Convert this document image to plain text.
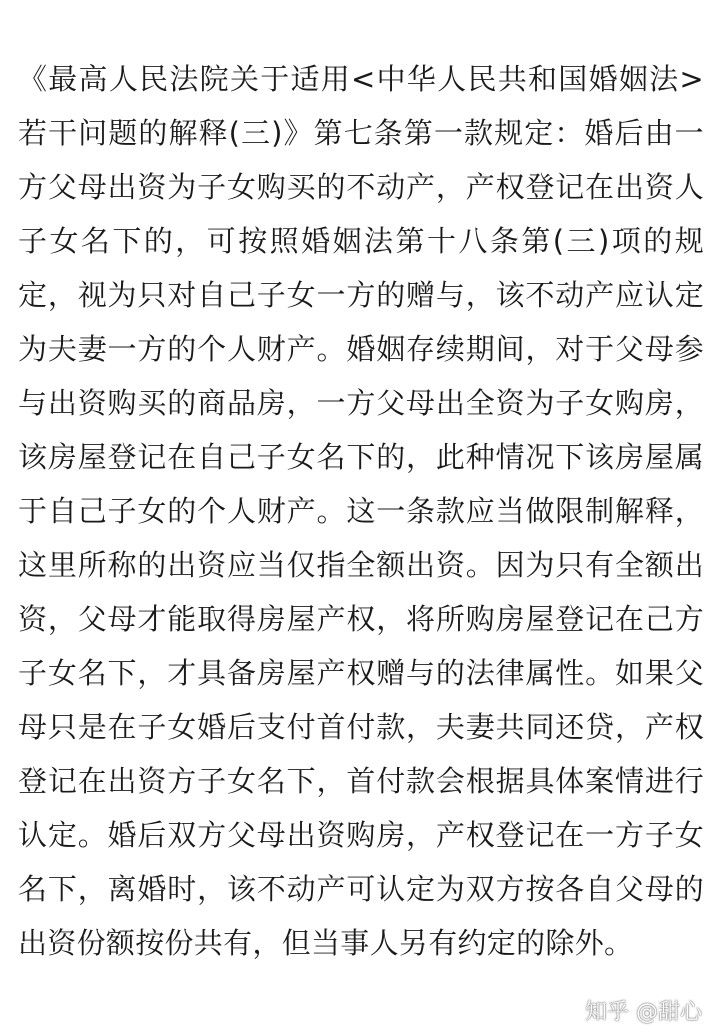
《最高人民法院关于适用<中华人民共和国婚姻法>若干问题的解释(三)》第七条第一款规定：婚后由一方父母出资为子女购买的不动产，产权登记在出资人子女名下的，可按照婚姻法第十八条第(三)项的规定，视为只对自己子女一方的赠与，该不动产应认定为夫妻一方的个人财产。婚姻存续期间，对于父母参与出资购买的商品房，一方父母出全资为子女购房，该房屋登记在自己子女名下的，此种情况下该房屋属于自己子女的个人财产。这一条款应当做限制解释，这里所称的出资应当仅指全额出资。因为只有全额出资，父母才能取得房屋产权，将所购房屋登记在己方子女名下，才具备房屋产权赠与的法律属性。如果父母只是在子女婚后支付首付款，夫妻共同还贷，产权登记在出资方子女名下，首付款会根据具体案情进行认定。婚后双方父母出资购房，产权登记在一方子女名下，离婚时，该不动产可认定为双方按各自父母的出资份额按份共有，但当事人另有约定的除外。

知乎 @甜心
